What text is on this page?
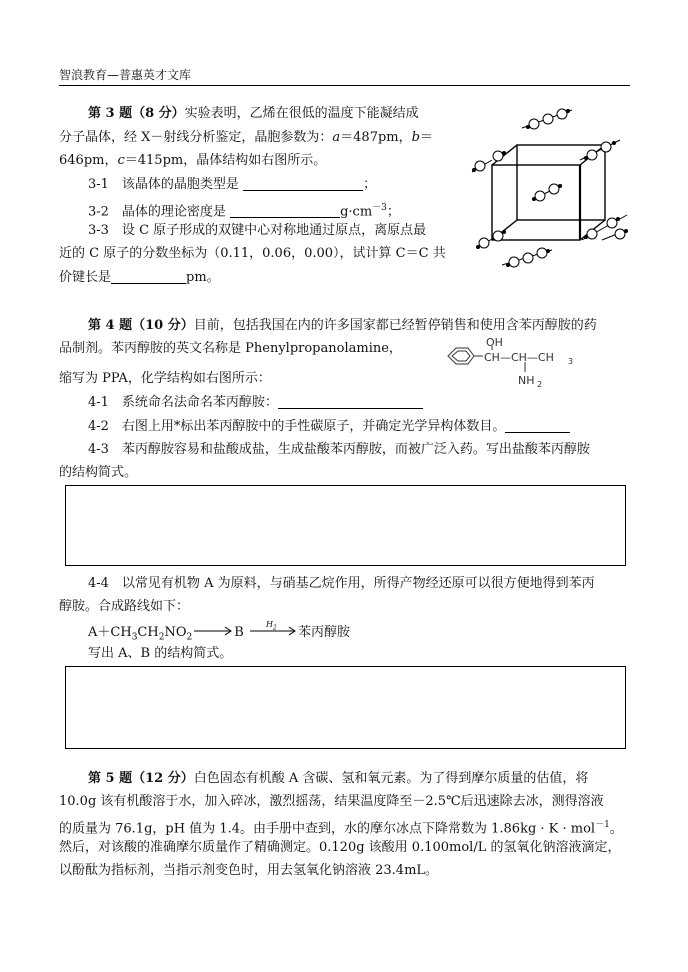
智浪教育—普惠英才文库
第 3 题（8 分）实验表明，乙烯在很低的温度下能凝结成
分子晶体，经 X－射线分析鉴定，晶胞参数为：a＝487pm，b＝
646pm，c＝415pm，晶体结构如右图所示。
3-1　该晶体的晶胞类型是	；
3-2　晶体的理论密度是	$g\cdot cm^{-3}$；
3-3　设 C 原子形成的双键中心对称地通过原点，离原点最
近的 C 原子的分数坐标为（0.11，0.06，0.00），试计算 C＝C 共
价键长是	pm。
第 4 题（10 分）目前，包括我国在内的许多国家都已经暂停销售和使用含苯丙醇胺的药
品制剂。苯丙醇胺的英文名称是 Phenylpropanolamine，
缩写为 PPA，化学结构如右图所示：
4-1　系统命名法命名苯丙醇胺：
4-2　右图上用*标出苯丙醇胺中的手性碳原子，并确定光学异构体数目。
4-3　苯丙醇胺容易和盐酸成盐，生成盐酸苯丙醇胺，而被广泛入药。写出盐酸苯丙醇胺
的结构简式。
OH
CH—CH—CH 3
NH 2
4-4　以常见有机物 A 为原料，与硝基乙烷作用，所得产物经还原可以很方便地得到苯丙
醇胺。合成路线如下：
$A+CH_3CH_2NO_2 \to B$
$H_2$ 苯丙醇胺
写出 A、B 的结构简式。
第 5 题（12 分）白色固态有机酸 A 含碳、氢和氧元素。为了得到摩尔质量的估值，将
10.0g 该有机酸溶于水，加入碎冰，激烈摇荡，结果温度降至－2.5℃后迅速除去冰，测得溶液
的质量为 76.1g，pH 值为 1.4。由手册中查到，水的摩尔冰点下降常数为 1.86kg · K · mol$^{-1}$。
然后，对该酸的准确摩尔质量作了精确测定。0.120g 该酸用 0.100mol/L 的氢氧化钠溶液滴定，
以酚酞为指标剂，当指示剂变色时，用去氢氧化钠溶液 23.4mL。
